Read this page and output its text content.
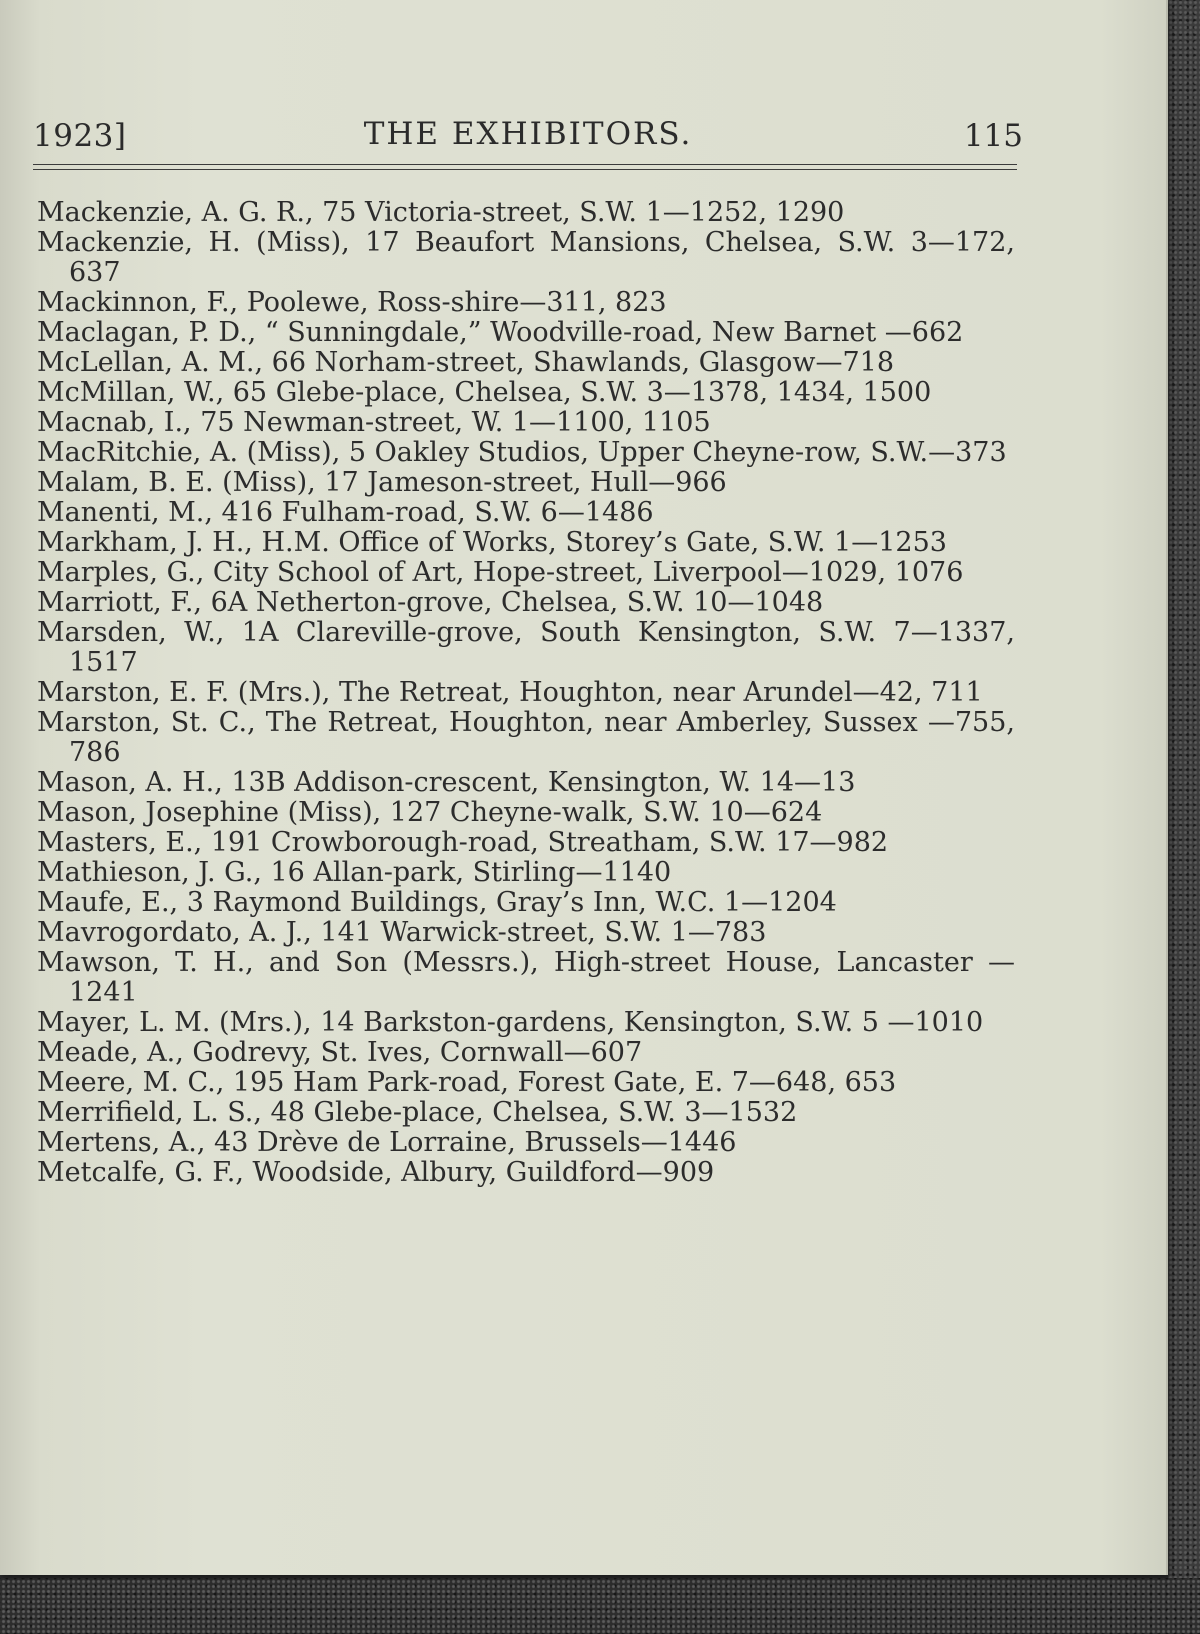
1923]	THE EXHIBITORS.	115
Mackenzie, A. G. R., 75 Victoria-street, S.W. 1—1252, 1290
Mackenzie, H. (Miss), 17 Beaufort Mansions, Chelsea, S.W. 3—172, 637
Mackinnon, F., Poolewe, Ross-shire—311, 823
Maclagan, P. D., “ Sunningdale,” Woodville-road, New Barnet —662
McLellan, A. M., 66 Norham-street, Shawlands, Glasgow—718
McMillan, W., 65 Glebe-place, Chelsea, S.W. 3—1378, 1434, 1500
Macnab, I., 75 Newman-street, W. 1—1100, 1105
MacRitchie, A. (Miss), 5 Oakley Studios, Upper Cheyne-row, S.W.—373
Malam, B. E. (Miss), 17 Jameson-street, Hull—966
Manenti, M., 416 Fulham-road, S.W. 6—1486
Markham, J. H., H.M. Office of Works, Storey’s Gate, S.W. 1—1253
Marples, G., City School of Art, Hope-street, Liverpool—1029, 1076
Marriott, F., 6A Netherton-grove, Chelsea, S.W. 10—1048
Marsden, W., 1A Clareville-grove, South Kensington, S.W. 7—1337, 1517
Marston, E. F. (Mrs.), The Retreat, Houghton, near Arundel—42, 711
Marston, St. C., The Retreat, Houghton, near Amberley, Sussex —755, 786
Mason, A. H., 13B Addison-crescent, Kensington, W. 14—13
Mason, Josephine (Miss), 127 Cheyne-walk, S.W. 10—624
Masters, E., 191 Crowborough-road, Streatham, S.W. 17—982
Mathieson, J. G., 16 Allan-park, Stirling—1140
Maufe, E., 3 Raymond Buildings, Gray’s Inn, W.C. 1—1204
Mavrogordato, A. J., 141 Warwick-street, S.W. 1—783
Mawson, T. H., and Son (Messrs.), High-street House, Lancaster —1241
Mayer, L. M. (Mrs.), 14 Barkston-gardens, Kensington, S.W. 5 —1010
Meade, A., Godrevy, St. Ives, Cornwall—607
Meere, M. C., 195 Ham Park-road, Forest Gate, E. 7—648, 653
Merrifield, L. S., 48 Glebe-place, Chelsea, S.W. 3—1532
Mertens, A., 43 Drève de Lorraine, Brussels—1446
Metcalfe, G. F., Woodside, Albury, Guildford—909
